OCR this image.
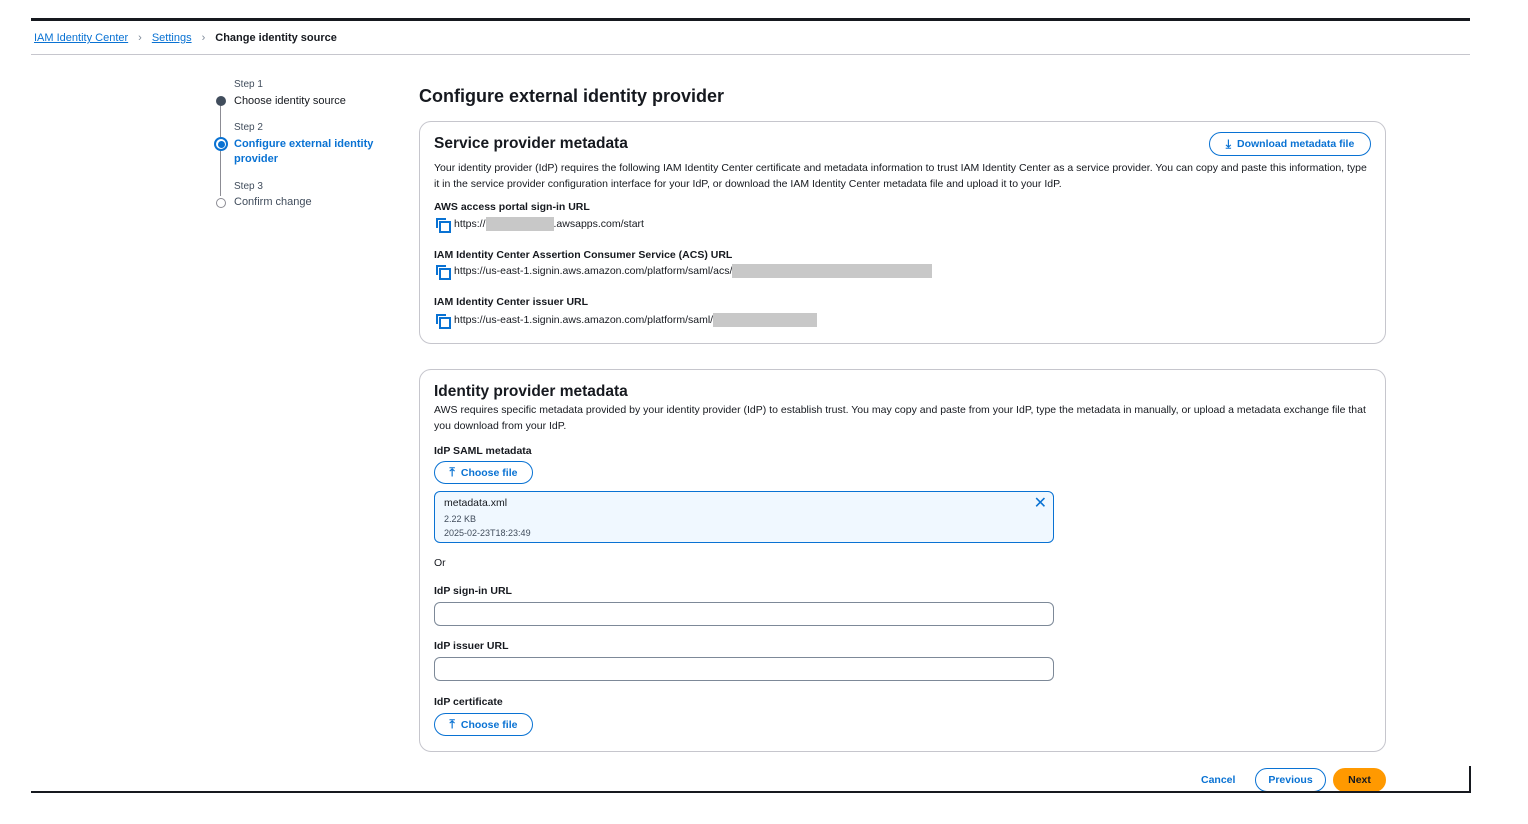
IAM Identity Center › Settings › Change identity source
Step 1
Choose identity source
Step 2
Configure external identity provider
Step 3
Confirm change
Configure external identity provider
Service provider metadata	⤓ Download metadata file

Your identity provider (IdP) requires the following IAM Identity Center certificate and metadata information to trust IAM Identity Center as a service provider. You can copy and paste this information, type it in the service provider configuration interface for your IdP, or download the IAM Identity Center metadata file and upload it to your IdP.

AWS access portal sign-in URL
https://	.awsapps.com/start
IAM Identity Center Assertion Consumer Service (ACS) URL
https://us-east-1.signin.aws.amazon.com/platform/saml/acs/
IAM Identity Center issuer URL
https://us-east-1.signin.aws.amazon.com/platform/saml/
Identity provider metadata

AWS requires specific metadata provided by your identity provider (IdP) to establish trust. You may copy and paste from your IdP, type the metadata in manually, or upload a metadata exchange file that you download from your IdP.

IdP SAML metadata
⤒ Choose file
metadata.xml
2.22 KB
2025-02-23T18:23:49
✕
Or
IdP sign-in URL
IdP issuer URL
IdP certificate
⤒ Choose file
Cancel	Previous	Next
